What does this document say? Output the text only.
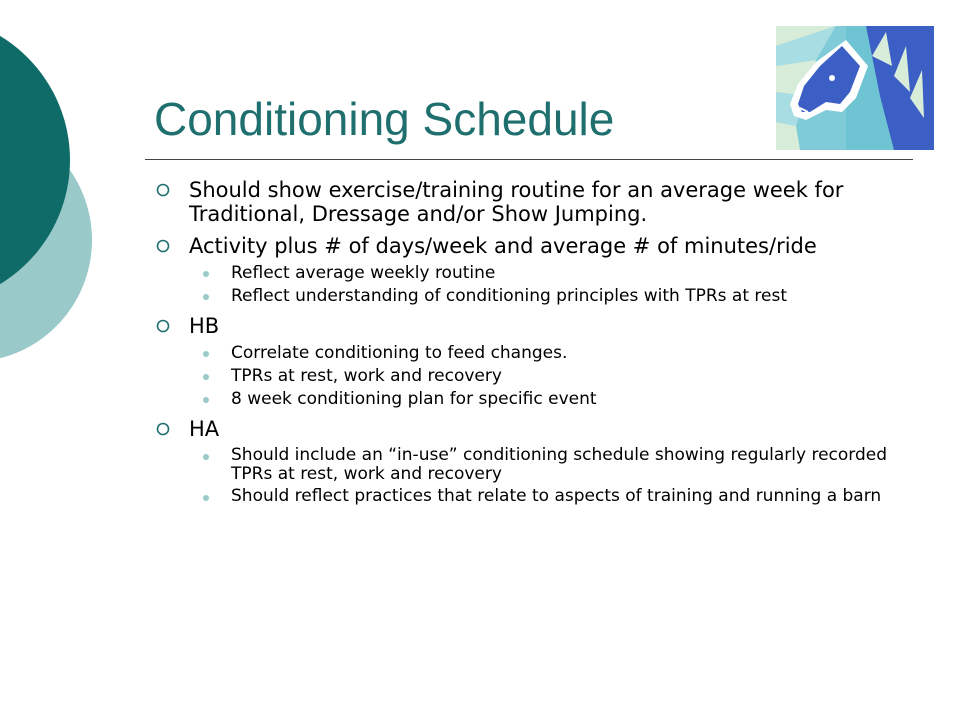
Conditioning Schedule
Should show exercise/training routine for an average week for Traditional, Dressage and/or Show Jumping.
Activity plus # of days/week and average # of minutes/ride
Reflect average weekly routine
Reflect understanding of conditioning principles with TPRs at rest
HB
Correlate conditioning to feed changes.
TPRs at rest, work and recovery
8 week conditioning plan for specific event
HA
Should include an “in-use” conditioning schedule showing regularly recorded TPRs at rest, work and recovery
Should reflect practices that relate to aspects of training and running a barn
